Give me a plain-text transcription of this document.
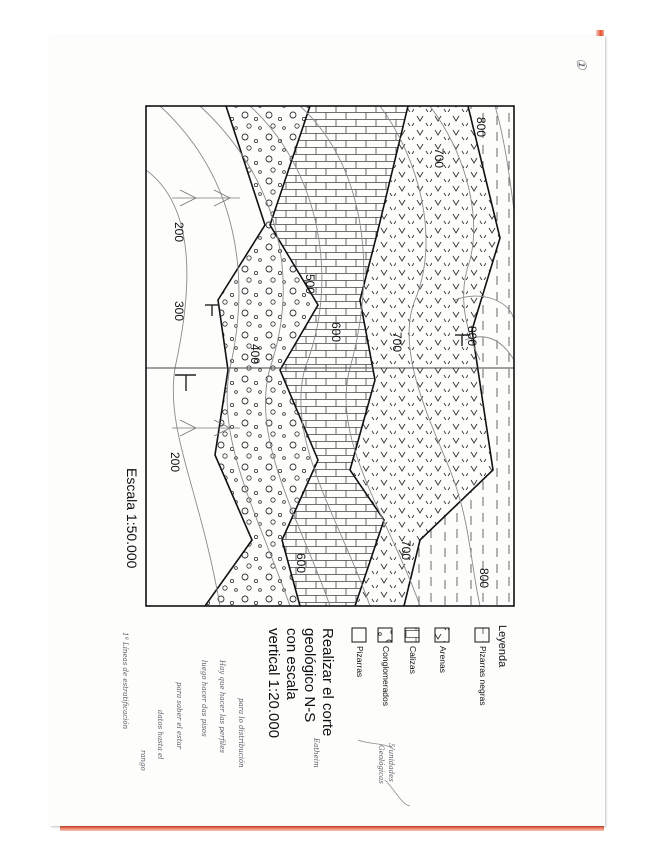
800
700
200
300
400
500
600	700	800
200
700
600
800
Escala 1:50.000
Leyenda
Pizarras negras
Arenas
Calizas
Conglomerados
Pizarras
Realizar el corte
geológico N-S
con escala
vertical 1:20.000
①
5 unidades
Geológicas
Eatheim
para lo distribución
Hay que hacer las perfiles
luego hacer das pisos
para saber el estar
datos hasta el
rango
1ª Líneas de estratificación
